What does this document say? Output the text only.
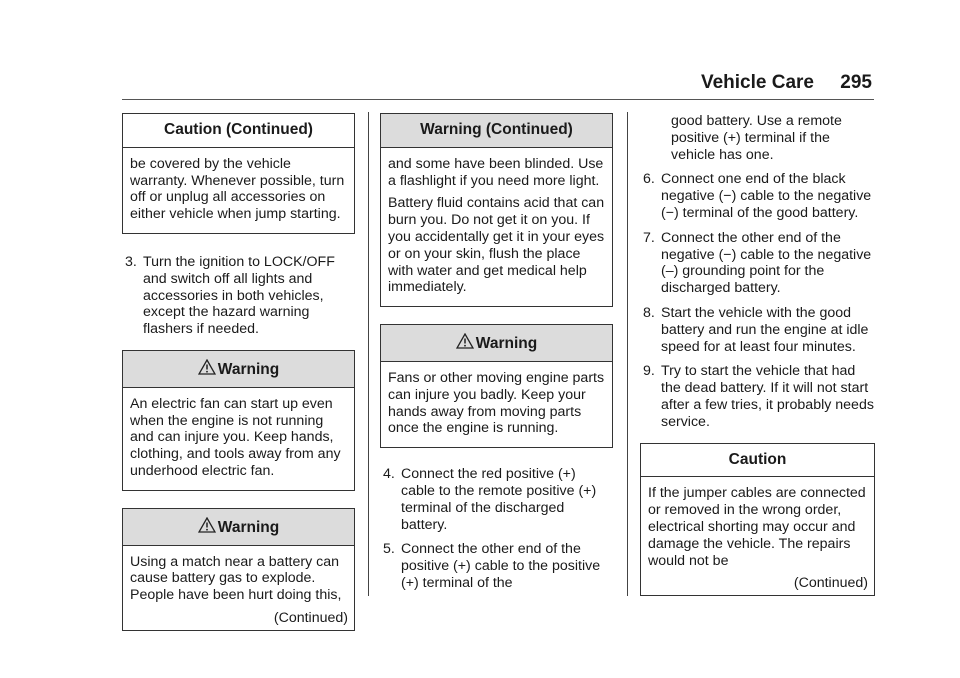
Vehicle Care 295
Caution (Continued)

be covered by the vehicle warranty. Whenever possible, turn off or unplug all accessories on either vehicle when jump starting.

3. Turn the ignition to LOCK/OFF and switch off all lights and accessories in both vehicles, except the hazard warning flashers if needed.
Warning

An electric fan can start up even when the engine is not running and can injure you. Keep hands, clothing, and tools away from any underhood electric fan.

Warning

Using a match near a battery can cause battery gas to explode. People have been hurt doing this,

(Continued)
Warning (Continued)

and some have been blinded. Use a flashlight if you need more light.

Battery fluid contains acid that can burn you. Do not get it on you. If you accidentally get it in your eyes or on your skin, flush the place with water and get medical help immediately.

Warning

Fans or other moving engine parts can injure you badly. Keep your hands away from moving parts once the engine is running.

4. Connect the red positive (+) cable to the remote positive (+) terminal of the discharged battery.
5. Connect the other end of the positive (+) cable to the positive (+) terminal of the
good battery. Use a remote positive (+) terminal if the vehicle has one.
6. Connect one end of the black negative (−) cable to the negative (−) terminal of the good battery.
7. Connect the other end of the negative (−) cable to the negative (–) grounding point for the discharged battery.
8. Start the vehicle with the good battery and run the engine at idle speed for at least four minutes.
9. Try to start the vehicle that had the dead battery. If it will not start after a few tries, it probably needs service.
Caution

If the jumper cables are connected or removed in the wrong order, electrical shorting may occur and damage the vehicle. The repairs would not be

(Continued)
